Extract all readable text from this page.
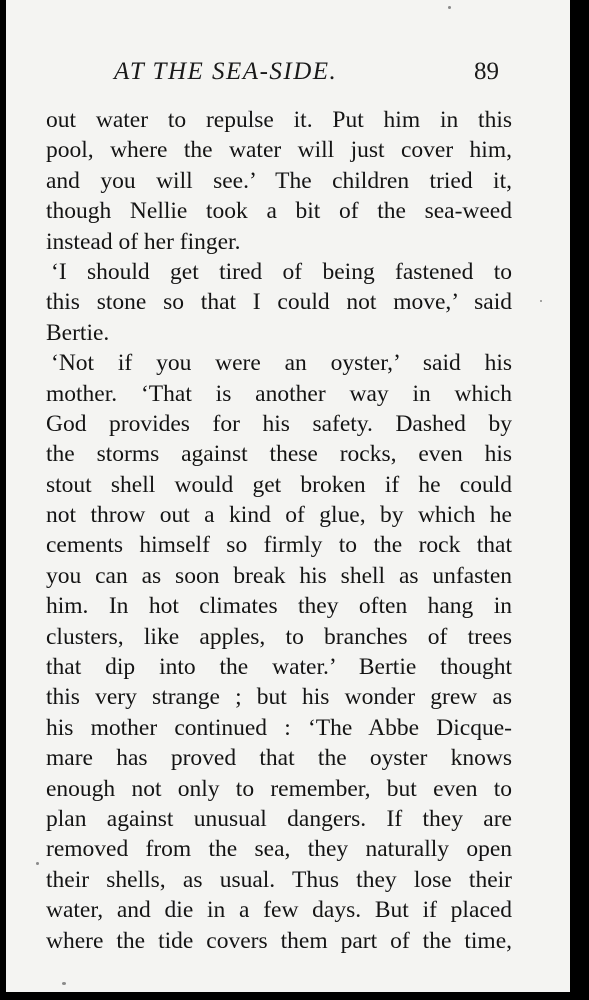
AT THE SEA-SIDE.	89
out water to repulse it. Put him in this
pool, where the water will just cover him,
and you will see.’ The children tried it,
though Nellie took a bit of the sea-weed
instead of her finger.
‘I should get tired of being fastened to
this stone so that I could not move,’ said
Bertie.
‘Not if you were an oyster,’ said his
mother. ‘That is another way in which
God provides for his safety. Dashed by
the storms against these rocks, even his
stout shell would get broken if he could
not throw out a kind of glue, by which he
cements himself so firmly to the rock that
you can as soon break his shell as unfasten
him. In hot climates they often hang in
clusters, like apples, to branches of trees
that dip into the water.’ Bertie thought
this very strange ; but his wonder grew as
his mother continued : ‘The Abbe Dicque-
mare has proved that the oyster knows
enough not only to remember, but even to
plan against unusual dangers. If they are
removed from the sea, they naturally open
their shells, as usual. Thus they lose their
water, and die in a few days. But if placed
where the tide covers them part of the time,
